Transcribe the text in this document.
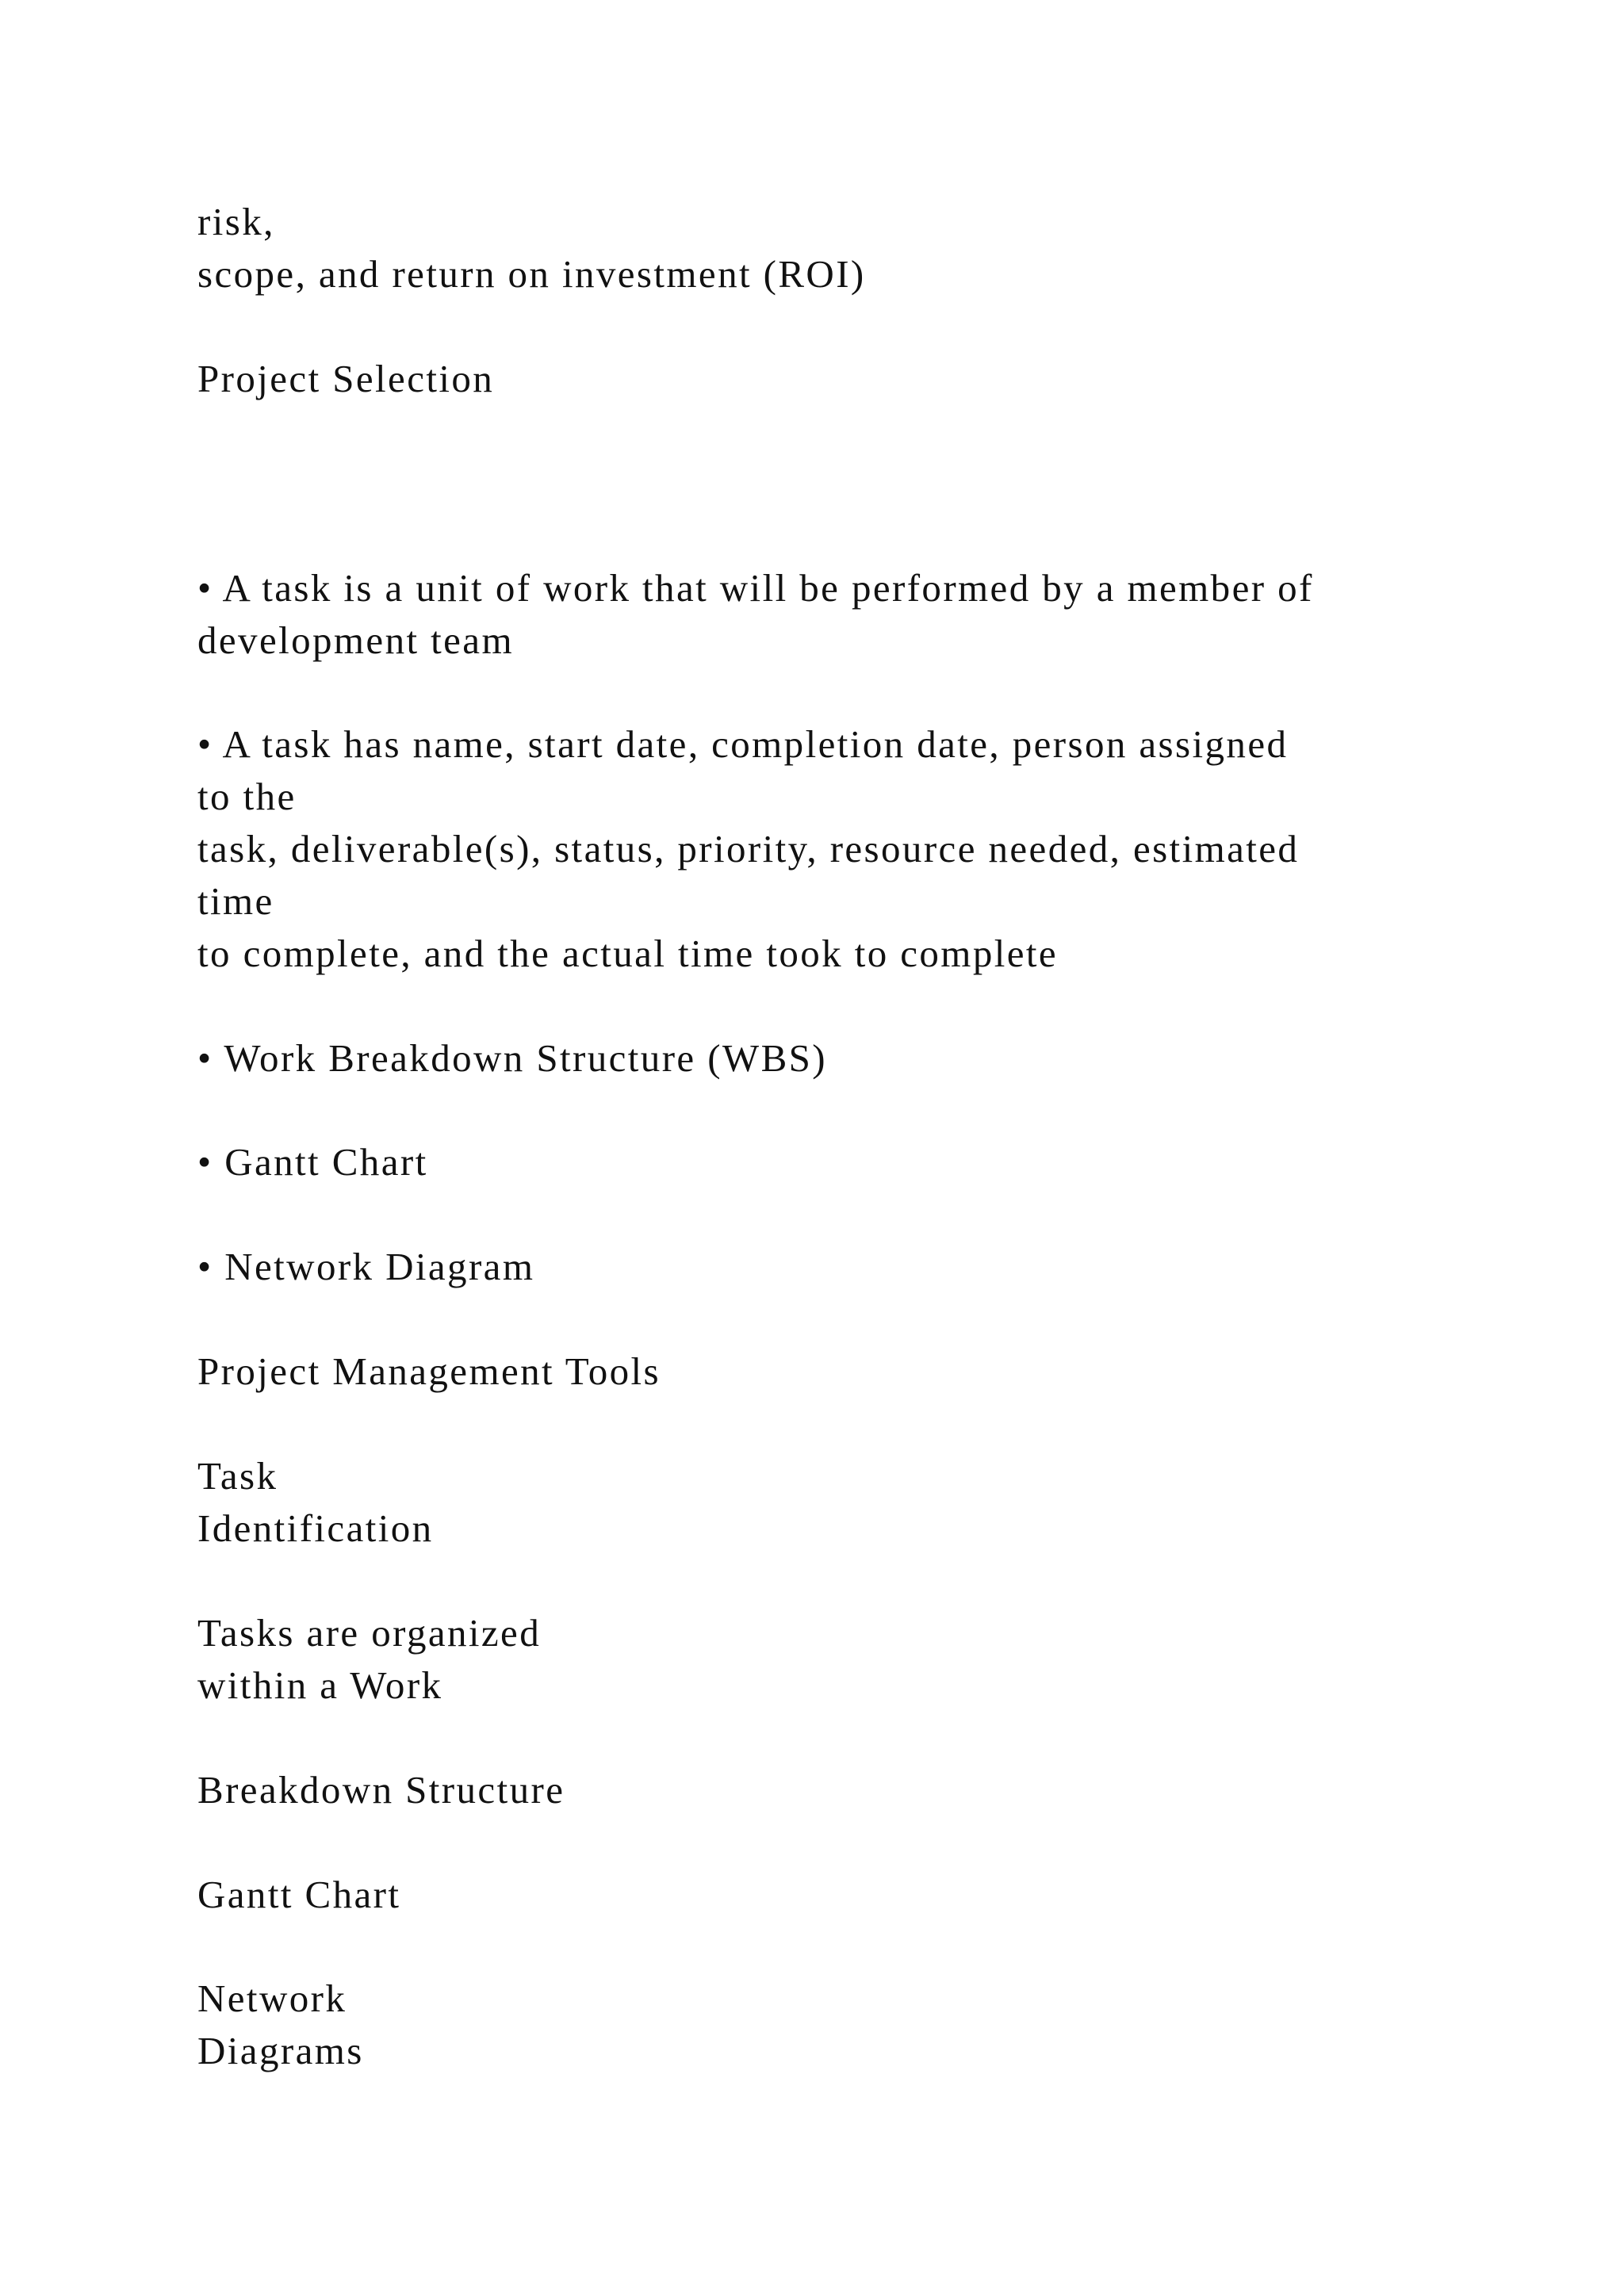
risk,

scope, and return on investment (ROI)

Project Selection

• A task is a unit of work that will be performed by a member of

development team

• A task has name, start date, completion date, person assigned

to the

task, deliverable(s), status, priority, resource needed, estimated

time

to complete, and the actual time took to complete

• Work Breakdown Structure (WBS)

• Gantt Chart

• Network Diagram

Project Management Tools

Task

Identification

Tasks are organized

within a Work

Breakdown Structure

Gantt Chart

Network

Diagrams
